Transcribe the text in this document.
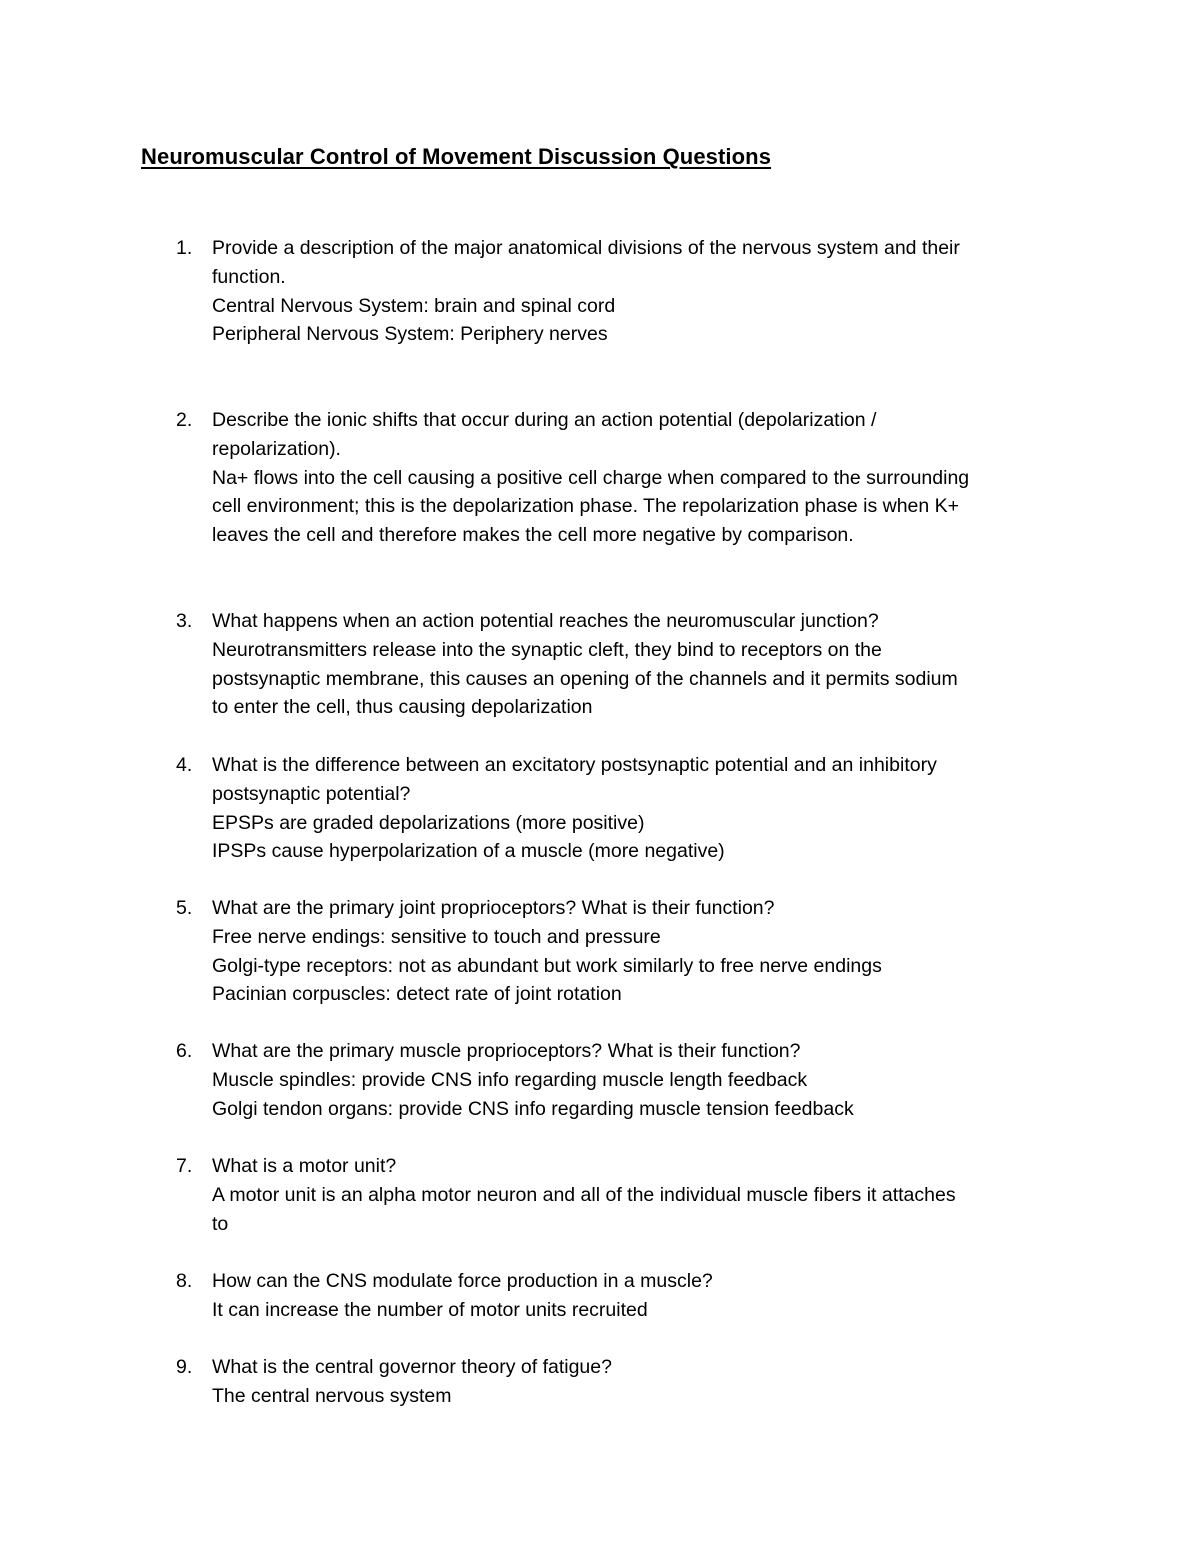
Neuromuscular Control of Movement Discussion Questions
1.	Provide a description of the major anatomical divisions of the nervous system and their
function.
Central Nervous System: brain and spinal cord
Peripheral Nervous System: Periphery nerves
2.	Describe the ionic shifts that occur during an action potential (depolarization /
repolarization).
Na+ flows into the cell causing a positive cell charge when compared to the surrounding
cell environment; this is the depolarization phase. The repolarization phase is when K+
leaves the cell and therefore makes the cell more negative by comparison.
3.	What happens when an action potential reaches the neuromuscular junction?
Neurotransmitters release into the synaptic cleft, they bind to receptors on the
postsynaptic membrane, this causes an opening of the channels and it permits sodium
to enter the cell, thus causing depolarization
4.	What is the difference between an excitatory postsynaptic potential and an inhibitory
postsynaptic potential?
EPSPs are graded depolarizations (more positive)
IPSPs cause hyperpolarization of a muscle (more negative)
5.	What are the primary joint proprioceptors? What is their function?
Free nerve endings: sensitive to touch and pressure
Golgi-type receptors: not as abundant but work similarly to free nerve endings
Pacinian corpuscles: detect rate of joint rotation
6.	What are the primary muscle proprioceptors? What is their function?
Muscle spindles: provide CNS info regarding muscle length feedback
Golgi tendon organs: provide CNS info regarding muscle tension feedback
7.	What is a motor unit?
A motor unit is an alpha motor neuron and all of the individual muscle fibers it attaches
to
8.	How can the CNS modulate force production in a muscle?
It can increase the number of motor units recruited
9.	What is the central governor theory of fatigue?
The central nervous system
